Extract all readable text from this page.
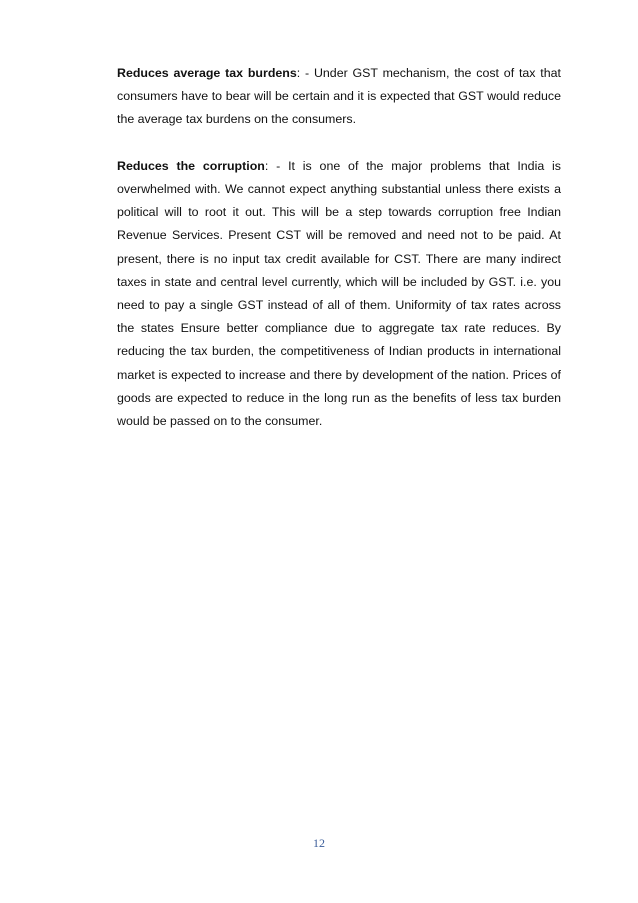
Reduces average tax burdens: - Under GST mechanism, the cost of tax that consumers have to bear will be certain and it is expected that GST would reduce the average tax burdens on the consumers.

Reduces the corruption: - It is one of the major problems that India is overwhelmed with. We cannot expect anything substantial unless there exists a political will to root it out. This will be a step towards corruption free Indian Revenue Services. Present CST will be removed and need not to be paid. At present, there is no input tax credit available for CST. There are many indirect taxes in state and central level currently, which will be included by GST. i.e. you need to pay a single GST instead of all of them. Uniformity of tax rates across the states Ensure better compliance due to aggregate tax rate reduces. By reducing the tax burden, the competitiveness of Indian products in international market is expected to increase and there by development of the nation. Prices of goods are expected to reduce in the long run as the benefits of less tax burden would be passed on to the consumer.

12
